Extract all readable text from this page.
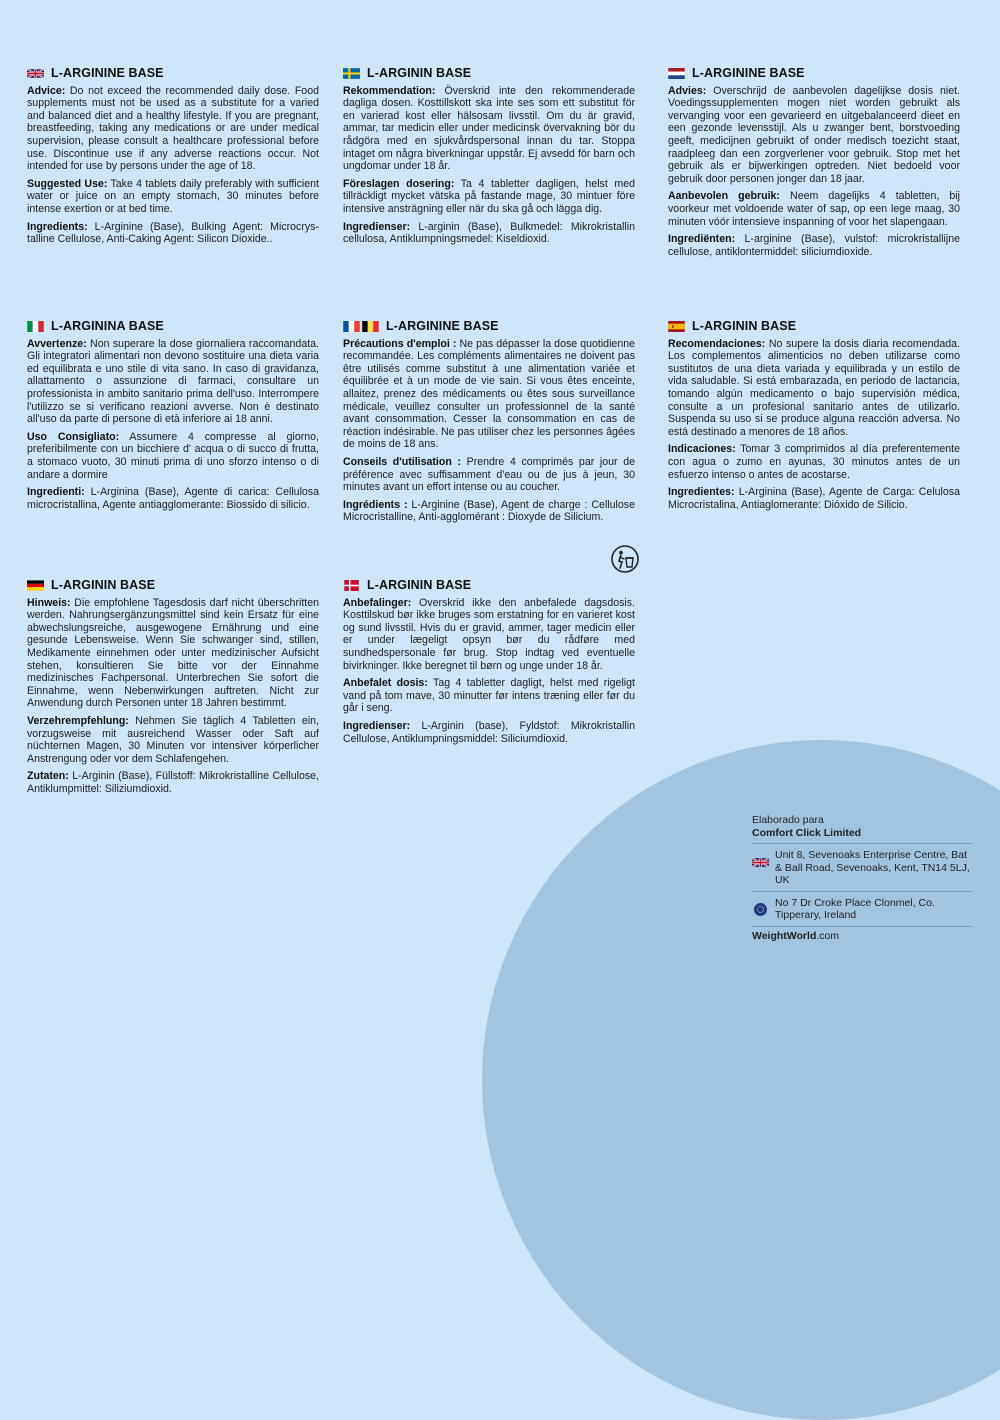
L-ARGININE BASE

Advice: Do not exceed the recommended daily dose. Food supplements must not be used as a substitute for a varied and balanced diet and a healthy lifestyle. If you are pregnant, breastfeeding, taking any medications or are under medical supervision, please consult a healthcare professional before use. Discontinue use if any adverse reactions occur. Not intended for use by persons under the age of 18.

Suggested Use: Take 4 tablets daily preferably with sufficient water or juice on an empty stomach, 30 minutes before intense exertion or at bed time.

Ingredients: L-Arginine (Base), Bulking Agent: Microcrys-talline Cellulose, Anti-Caking Agent: Silicon Dioxide..

L-ARGININ BASE

Rekommendation: Överskrid inte den rekommenderade dagliga dosen. Kosttillskott ska inte ses som ett substitut för en varierad kost eller hälsosam livsstil. Om du är gravid, ammar, tar medicin eller under medicinsk övervakning bör du rådgöra med en sjukvårdspersonal innan du tar. Stoppa intaget om några biverkningar uppstår. Ej avsedd för barn och ungdomar under 18 år.

Föreslagen dosering: Ta 4 tabletter dagligen, helst med tillräckligt mycket vätska på fastande mage, 30 mintuer före intensive ansträgning eller när du ska gå och lägga dig.

Ingredienser: L-arginin (Base), Bulkmedel: Mikrokristallin cellulosa, Antiklumpningsmedel: Kiseldioxid.

L-ARGININE BASE

Advies: Overschrijd de aanbevolen dagelijkse dosis niet. Voedingssupplementen mogen niet worden gebruikt als vervanging voor een gevarieerd en uitgebalanceerd dieet en een gezonde levensstijl. Als u zwanger bent, borstvoeding geeft, medicijnen gebruikt of onder medisch toezicht staat, raadpleeg dan een zorgverlener voor gebruik. Stop met het gebruik als er bijwerkingen optreden. Niet bedoeld voor gebruik door personen jonger dan 18 jaar.

Aanbevolen gebruik: Neem dagelijks 4 tabletten, bij voorkeur met voldoende water of sap, op een lege maag, 30 minuten vóór intensieve inspanning of voor het slapengaan.

Ingrediënten: L-arginine (Base), vulstof: microkristallijne cellulose, antiklontermiddel: siliciumdioxide.

L-ARGININA BASE

Avvertenze: Non superare la dose giornaliera raccomandata. Gli integratori alimentari non devono sostituire una dieta varia ed equilibrata e uno stile di vita sano. In caso di gravidanza, allattamento o assunzione di farmaci, consultare un professionista in ambito sanitario prima dell'uso. Interrompere l'utilizzo se si verificano reazioni avverse. Non è destinato all'uso da parte di persone di età inferiore ai 18 anni.

Uso Consigliato: Assumere 4 compresse al giorno, preferibilmente con un bicchiere d' acqua o di succo di frutta, a stomaco vuoto, 30 minuti prima di uno sforzo intenso o di andare a dormire

Ingredienti: L-Arginina (Base), Agente di carica: Cellulosa microcristallina, Agente antiagglomerante: Biossido di silicio.

L-ARGININE BASE

Précautions d'emploi : Ne pas dépasser la dose quotidienne recommandée. Les compléments alimentaires ne doivent pas être utilisés comme substitut à une alimentation variée et équilibrée et à un mode de vie sain. Si vous êtes enceinte, allaitez, prenez des médicaments ou êtes sous surveillance médicale, veuillez consulter un professionnel de la santé avant consommation. Cesser la consommation en cas de réaction indésirable. Ne pas utiliser chez les personnes âgées de moins de 18 ans.

Conseils d'utilisation : Prendre 4 comprimés par jour de préférence avec suffisamment d'eau ou de jus à jeun, 30 minutes avant un effort intense ou au coucher.

Ingrédients : L-Arginine (Base), Agent de charge : Cellulose Microcristalline, Anti-agglomérant : Dioxyde de Silicium.

L-ARGININ BASE

Recomendaciones: No supere la dosis diaria recomendada. Los complementos alimenticios no deben utilizarse como sustitutos de una dieta variada y equilibrada y un estilo de vida saludable. Si está embarazada, en periodo de lactancia, tomando algún medicamento o bajo supervisión médica, consulte a un profesional sanitario antes de utilizarlo. Suspenda su uso si se produce alguna reacción adversa. No está destinado a menores de 18 años.

Indicaciones: Tomar 3 comprimidos al día preferentemente con agua o zumo en ayunas, 30 minutos antes de un esfuerzo intenso o antes de acostarse.

Ingredientes: L-Arginina (Base), Agente de Carga: Celulosa Microcristalina, Antiaglomerante: Dióxido de Silicio.

L-ARGININ BASE

Hinweis: Die empfohlene Tagesdosis darf nicht überschritten werden. Nahrungsergänzungsmittel sind kein Ersatz für eine abwechslungsreiche, ausgewogene Ernährung und eine gesunde Lebensweise. Wenn Sie schwanger sind, stillen, Medikamente einnehmen oder unter medizinischer Aufsicht stehen, konsultieren Sie bitte vor der Einnahme medizinisches Fachpersonal. Unterbrechen Sie sofort die Einnahme, wenn Nebenwirkungen auftreten. Nicht zur Anwendung durch Personen unter 18 Jahren bestimmt.

Verzehrempfehlung: Nehmen Sie täglich 4 Tabletten ein, vorzugsweise mit ausreichend Wasser oder Saft auf nüchternen Magen, 30 Minuten vor intensiver körperlicher Anstrengung oder vor dem Schlafengehen.

Zutaten: L-Arginin (Base), Füllstoff: Mikrokristalline Cellulose, Antiklumpmittel: Siliziumdioxid.

L-ARGININ BASE

Anbefalinger: Overskrid ikke den anbefalede dagsdosis. Kosttilskud bør ikke bruges som erstatning for en varieret kost og sund livsstil. Hvis du er gravid, ammer, tager medicin eller er under lægeligt opsyn bør du rådføre med sundhedspersonale før brug. Stop indtag ved eventuelle bivirkninger. Ikke beregnet til børn og unge under 18 år.

Anbefalet dosis: Tag 4 tabletter dagligt, helst med rigeligt vand på tom mave, 30 minutter før intens træning eller før du går i seng.

Ingredienser: L-Arginin (base), Fyldstof: Mikrokristallin Cellulose, Antiklumpningsmiddel: Siliciumdioxid.

Elaborado para

Comfort Click Limited

Unit 8, Sevenoaks Enterprise Centre, Bat & Ball Road, Sevenoaks, Kent, TN14 5LJ, UK
No 7 Dr Croke Place Clonmel, Co. Tipperary, Ireland
WeightWorld.com
